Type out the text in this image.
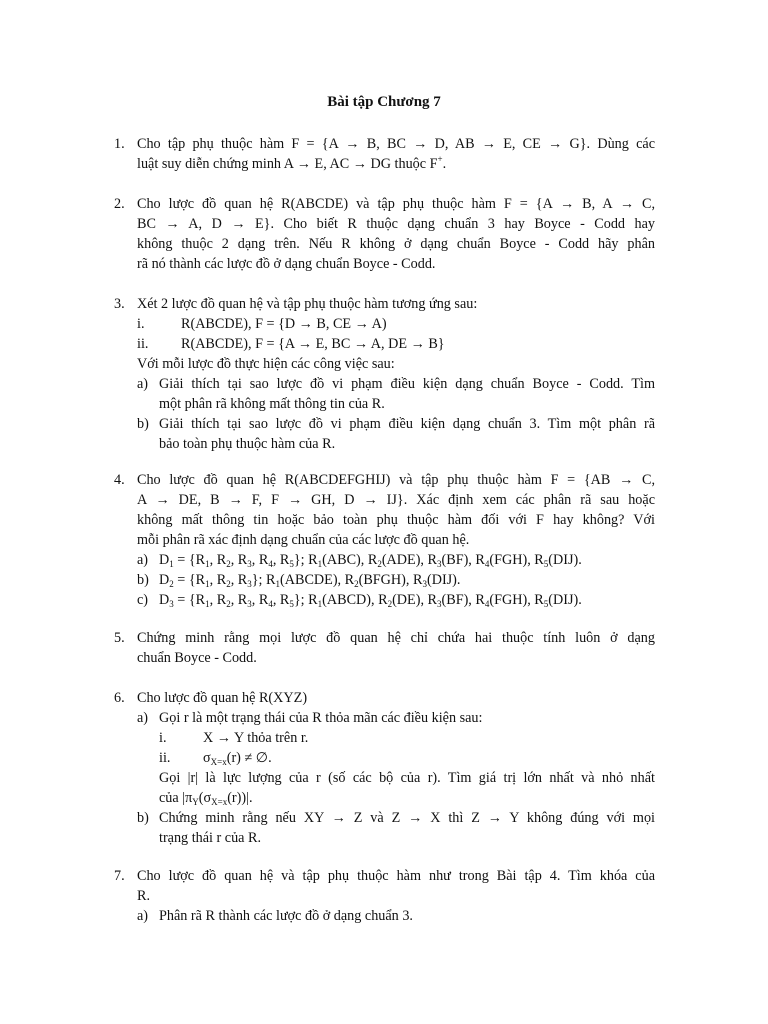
Bài tập Chương 7
1. Cho tập phụ thuộc hàm F = {A → B, BC → D, AB → E, CE → G}. Dùng các
luật suy diễn chứng minh A → E, AC → DG thuộc F+.
2. Cho lược đồ quan hệ R(ABCDE) và tập phụ thuộc hàm F = {A → B, A → C,
BC → A, D → E}. Cho biết R thuộc dạng chuẩn 3 hay Boyce - Codd hay
không thuộc 2 dạng trên. Nếu R không ở dạng chuẩn Boyce - Codd hãy phân
rã nó thành các lược đồ ở dạng chuẩn Boyce - Codd.
3. Xét 2 lược đồ quan hệ và tập phụ thuộc hàm tương ứng sau:
i.	R(ABCDE), F = {D → B, CE → A)
ii. R(ABCDE), F = {A → E, BC → A, DE → B}
Với mỗi lược đồ thực hiện các công việc sau:
a) Giải thích tại sao lược đồ vi phạm điều kiện dạng chuẩn Boyce - Codd. Tìm
một phân rã không mất thông tin của R.
b) Giải thích tại sao lược đồ vi phạm điều kiện dạng chuẩn 3. Tìm một phân rã
bảo toàn phụ thuộc hàm của R.
4. Cho lược đồ quan hệ R(ABCDEFGHIJ) và tập phụ thuộc hàm F = {AB → C,
A → DE, B → F, F → GH, D → IJ}. Xác định xem các phân rã sau hoặc
không mất thông tin hoặc bảo toàn phụ thuộc hàm đối với F hay không? Với
mỗi phân rã xác định dạng chuẩn của các lược đồ quan hệ.
a) $D_1 = \{R_1$, $R_2$, $R_3$, $R_4$, $R_5$}; $R_1(ABC)$, $R_2(ADE)$, $R_3(BF)$, $R_4(FGH)$, $R_5(DIJ)$.
b) $D_2 = \{R_1$, $R_2$, $R_3$}; $R_1(ABCDE)$, $R_2(BFGH)$, $R_3(DIJ)$.
c) $D_3 = \{R_1$, $R_2$, $R_3$, $R_4$, $R_5$}; $R_1(ABCD)$, $R_2(DE)$, $R_3(BF)$, $R_4(FGH)$, $R_5(DIJ)$.
5. Chứng minh rằng mọi lược đồ quan hệ chỉ chứa hai thuộc tính luôn ở dạng
chuẩn Boyce - Codd.
6. Cho lược đồ quan hệ R(XYZ)
a) Gọi r là một trạng thái của R thỏa mãn các điều kiện sau:
i.	X → Y thỏa trên r.
ii. $\sigma_{X=x}(r)$ ≠ ∅.
Gọi |r| là lực lượng của r (số các bộ của r). Tìm giá trị lớn nhất và nhỏ nhất
của $|\pi_Y(\sigma_{X=x}(r))|$.
b) Chứng minh rằng nếu XY → Z và Z → X thì Z → Y không đúng với mọi
trạng thái r của R.
7. Cho lược đồ quan hệ và tập phụ thuộc hàm như trong Bài tập 4. Tìm khóa của
R.
a) Phân rã R thành các lược đồ ở dạng chuẩn 3.
